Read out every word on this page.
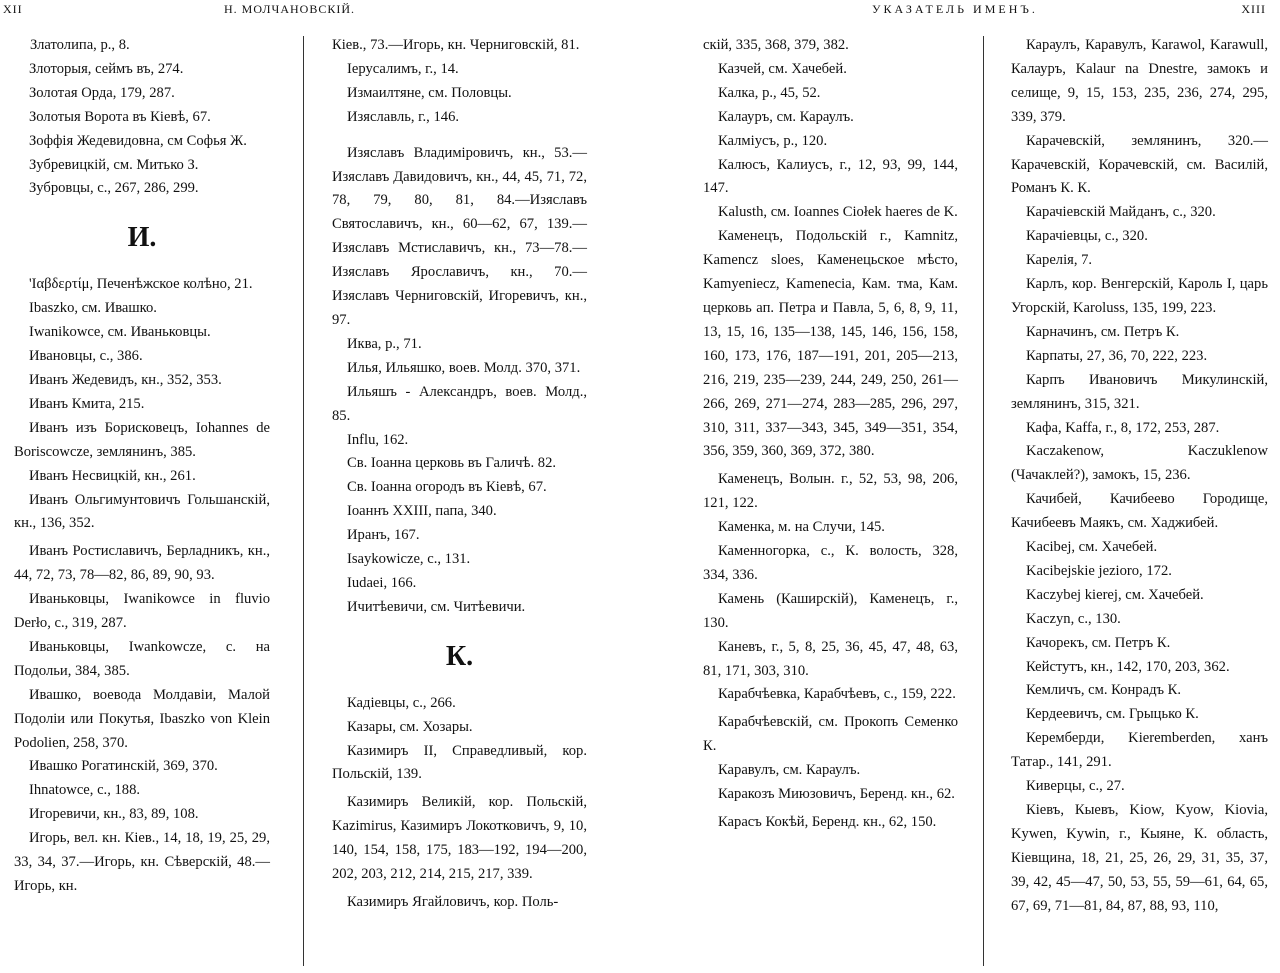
XII	Н. МОЛЧАНОВСКІЙ.

Златолипа, р., 8.

Злоторыя, сеймъ въ, 274.

Золотая Орда, 179, 287.

Золотыя Ворота въ Кіевѣ, 67.

Зоффія Жедевидовна, см Софья Ж.

Зубревицкій, см. Митько З.

Зубровцы, с., 267, 286, 299.

И.

'Ιαβδερτίμ, Печенѣжское колѣно, 21.

Ibaszko, см. Ивашко.

Iwanikowce, см. Иваньковцы.

Ивановцы, с., 386.

Иванъ Жедевидъ, кн., 352, 353.

Иванъ Кмита, 215.

Иванъ изъ Борисковецъ, Iohannes de Boriscowcze, землянинъ, 385.

Иванъ Несвицкій, кн., 261.

Иванъ Ольгимунтовичъ Гольшанскій, кн., 136, 352.

Иванъ Ростиславичъ, Берладникъ, кн., 44, 72, 73, 78—82, 86, 89, 90, 93.

Иваньковцы, Iwanikowce in fluvio Derło, с., 319, 287.

Иваньковцы, Iwankowcze, с. на Подольи, 384, 385.

Ивашко, воевода Молдавіи, Малой Подоліи или Покутья, Ibaszko von Klein Podolien, 258, 370.

Ивашко Рогатинскій, 369, 370.

Ihnatowce, с., 188.

Игоревичи, кн., 83, 89, 108.

Игорь, вел. кн. Кіев., 14, 18, 19, 25, 29, 33, 34, 37.—Игорь, кн. Сѣверскій, 48.—Игорь, кн.

Кіев., 73.—Игорь, кн. Черниговскій, 81.

Іерусалимъ, г., 14.

Измаилтяне, см. Половцы.

Изяславль, г., 146.

Изяславъ Владиміровичъ, кн., 53.—Изяславъ Давидовичъ, кн., 44, 45, 71, 72, 78, 79, 80, 81, 84.—Изяславъ Святославичъ, кн., 60—62, 67, 139.—Изяславъ Мстиславичъ, кн., 73—78.—Изяславъ Ярославичъ, кн., 70.—Изяславъ Черниговскій, Игоревичъ, кн., 97.

Иква, р., 71.

Илья, Ильяшко, воев. Молд. 370, 371.

Ильяшъ - Александръ, воев. Молд., 85.

Influ, 162.

Св. Іоанна церковь въ Галичѣ. 82.

Св. Іоанна огородъ въ Кіевѣ, 67.

Іоаннъ XXIII, папа, 340.

Иранъ, 167.

Isaykowicze, с., 131.

Iudaei, 166.

Ичитѣевичи, см. Читѣевичи.

К.

Кадіевцы, с., 266.

Казары, см. Хозары.

Казимиръ II, Справедливый, кор. Польскій, 139.

Казимиръ Великій, кор. Польскій, Kazimirus, Казимиръ Локотковичъ, 9, 10, 140, 154, 158, 175, 183—192, 194—200, 202, 203, 212, 214, 215, 217, 339.

Казимиръ Ягайловичъ, кор. Поль-

УКАЗАТЕЛЬ ИМЕНЪ.	XIII

скій, 335, 368, 379, 382.

Казчей, см. Хачебей.

Калка, р., 45, 52.

Калауръ, см. Караулъ.

Калміусъ, р., 120.

Калюсъ, Калиусъ, г., 12, 93, 99, 144, 147.

Kalusth, см. Ioannes Ciołek haeres de K.

Каменецъ, Подольскій г., Kamnitz, Kamencz sloes, Каменецьское мѣсто, Kamyeniecz, Kamenecia, Кам. тма, Кам. церковь ап. Петра и Павла, 5, 6, 8, 9, 11, 13, 15, 16, 135—138, 145, 146, 156, 158, 160, 173, 176, 187—191, 201, 205—213, 216, 219, 235—239, 244, 249, 250, 261—266, 269, 271—274, 283—285, 296, 297, 310, 311, 337—343, 345, 349—351, 354, 356, 359, 360, 369, 372, 380.

Каменецъ, Волын. г., 52, 53, 98, 206, 121, 122.

Каменка, м. на Случи, 145.

Каменногорка, с., К. волость, 328, 334, 336.

Камень (Каширскій), Каменецъ, г., 130.

Каневъ, г., 5, 8, 25, 36, 45, 47, 48, 63, 81, 171, 303, 310.

Карабчѣевка, Карабчѣевъ, с., 159, 222.

Карабчѣевскій, см. Прокопъ Семенко К.

Каравулъ, см. Караулъ.

Каракозъ Миюзовичъ, Беренд. кн., 62.

Карасъ Кокѣй, Беренд. кн., 62, 150.

Караулъ, Каравулъ, Karawol, Karawull, Калауръ, Kalaur na Dnestre, замокъ и селище, 9, 15, 153, 235, 236, 274, 295, 339, 379.

Карачевскій, землянинъ, 320.—Карачевскій, Корачевскій, см. Василій, Романъ К. К.

Карачіевскій Майданъ, с., 320.

Карачіевцы, с., 320.

Карелія, 7.

Карлъ, кор. Венгерскій, Кароль I, царь Угорскій, Karoluss, 135, 199, 223.

Карначинъ, см. Петръ К.

Карпаты, 27, 36, 70, 222, 223.

Карпъ Ивановичъ Микулинскій, землянинъ, 315, 321.

Кафа, Kaffa, г., 8, 172, 253, 287.

Kaczakenow, Kaczuklenow (Чачаклей?), замокъ, 15, 236.

Качибей, Качибеево Городище, Качибеевъ Маякъ, см. Хаджибей.

Kacibej, см. Хачебей.

Kacibejskie jezioro, 172.

Kaczybej kierej, см. Хачебей.

Kaczyn, с., 130.

Качорекъ, см. Петръ К.

Кейстутъ, кн., 142, 170, 203, 362.

Кемличъ, см. Конрадъ К.

Кердеевичъ, см. Грыцько К.

Керемберди, Kieremberden, ханъ Татар., 141, 291.

Киверцы, с., 27.

Кіевъ, Кыевъ, Kiow, Kyow, Kiovia, Kywen, Kywin, г., Кыяне, К. область, Кіевщина, 18, 21, 25, 26, 29, 31, 35, 37, 39, 42, 45—47, 50, 53, 55, 59—61, 64, 65, 67, 69, 71—81, 84, 87, 88, 93, 110,
